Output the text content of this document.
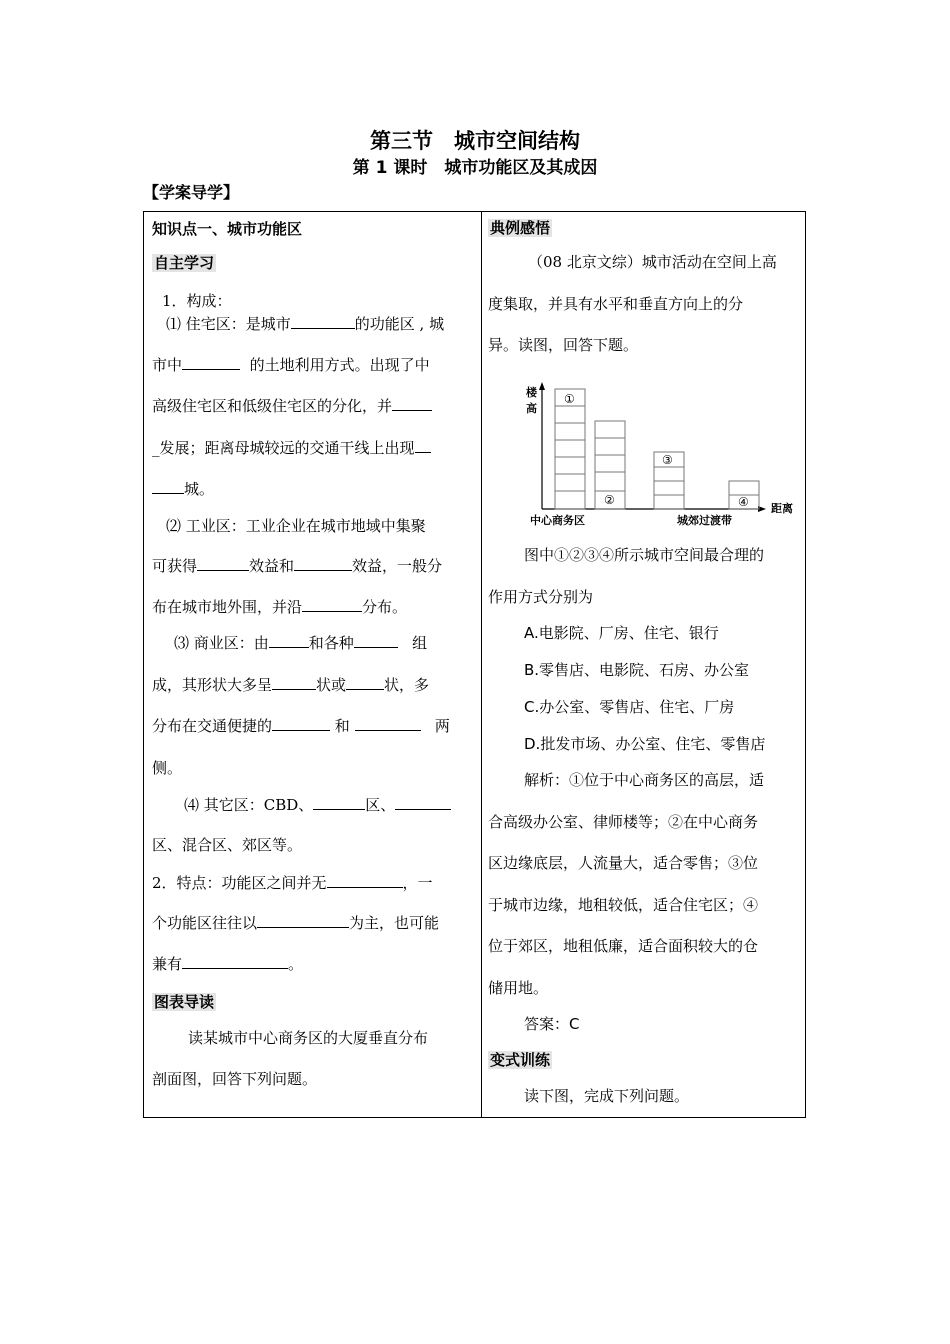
第三节　城市空间结构
第 1 课时　城市功能区及其成因
【学案导学】
知识点一、城市功能区
自主学习
1．构成：
⑴ 住宅区：是城市	的功能区 , 城
市中	的土地利用方式。出现了中
高级住宅区和低级住宅区的分化，并
_发展；距离母城较远的交通干线上出现
城。
⑵ 工业区：工业企业在城市地域中集聚
可获得	效益和	效益，一般分
布在城市地外围，并沿	分布。
⑶ 商业区：由	和各种	组
成，其形状大多呈	状或	状，多
分布在交通便捷的	和	两
侧。
⑷ 其它区：CBD、	区、
区、混合区、郊区等。
2．特点：功能区之间并无	，一
个功能区往往以	为主，也可能
兼有	。
图表导读
读某城市中心商务区的大厦垂直分布
剖面图，回答下列问题。
典例感悟
（08 北京文综）城市活动在空间上高
度集取，并具有水平和垂直方向上的分
异。读图，回答下题。
楼
高
距离
①
②
③
④
中心商务区	城郊过渡带
图中①②③④所示城市空间最合理的
作用方式分别为
A.电影院、厂房、住宅、银行
B.零售店、电影院、石房、办公室
C.办公室、零售店、住宅、厂房
D.批发市场、办公室、住宅、零售店
解析：①位于中心商务区的高层，适
合高级办公室、律师楼等；②在中心商务
区边缘底层，人流量大，适合零售；③位
于城市边缘，地租较低，适合住宅区；④
位于郊区，地租低廉，适合面积较大的仓
储用地。
答案：C
变式训练
读下图，完成下列问题。
